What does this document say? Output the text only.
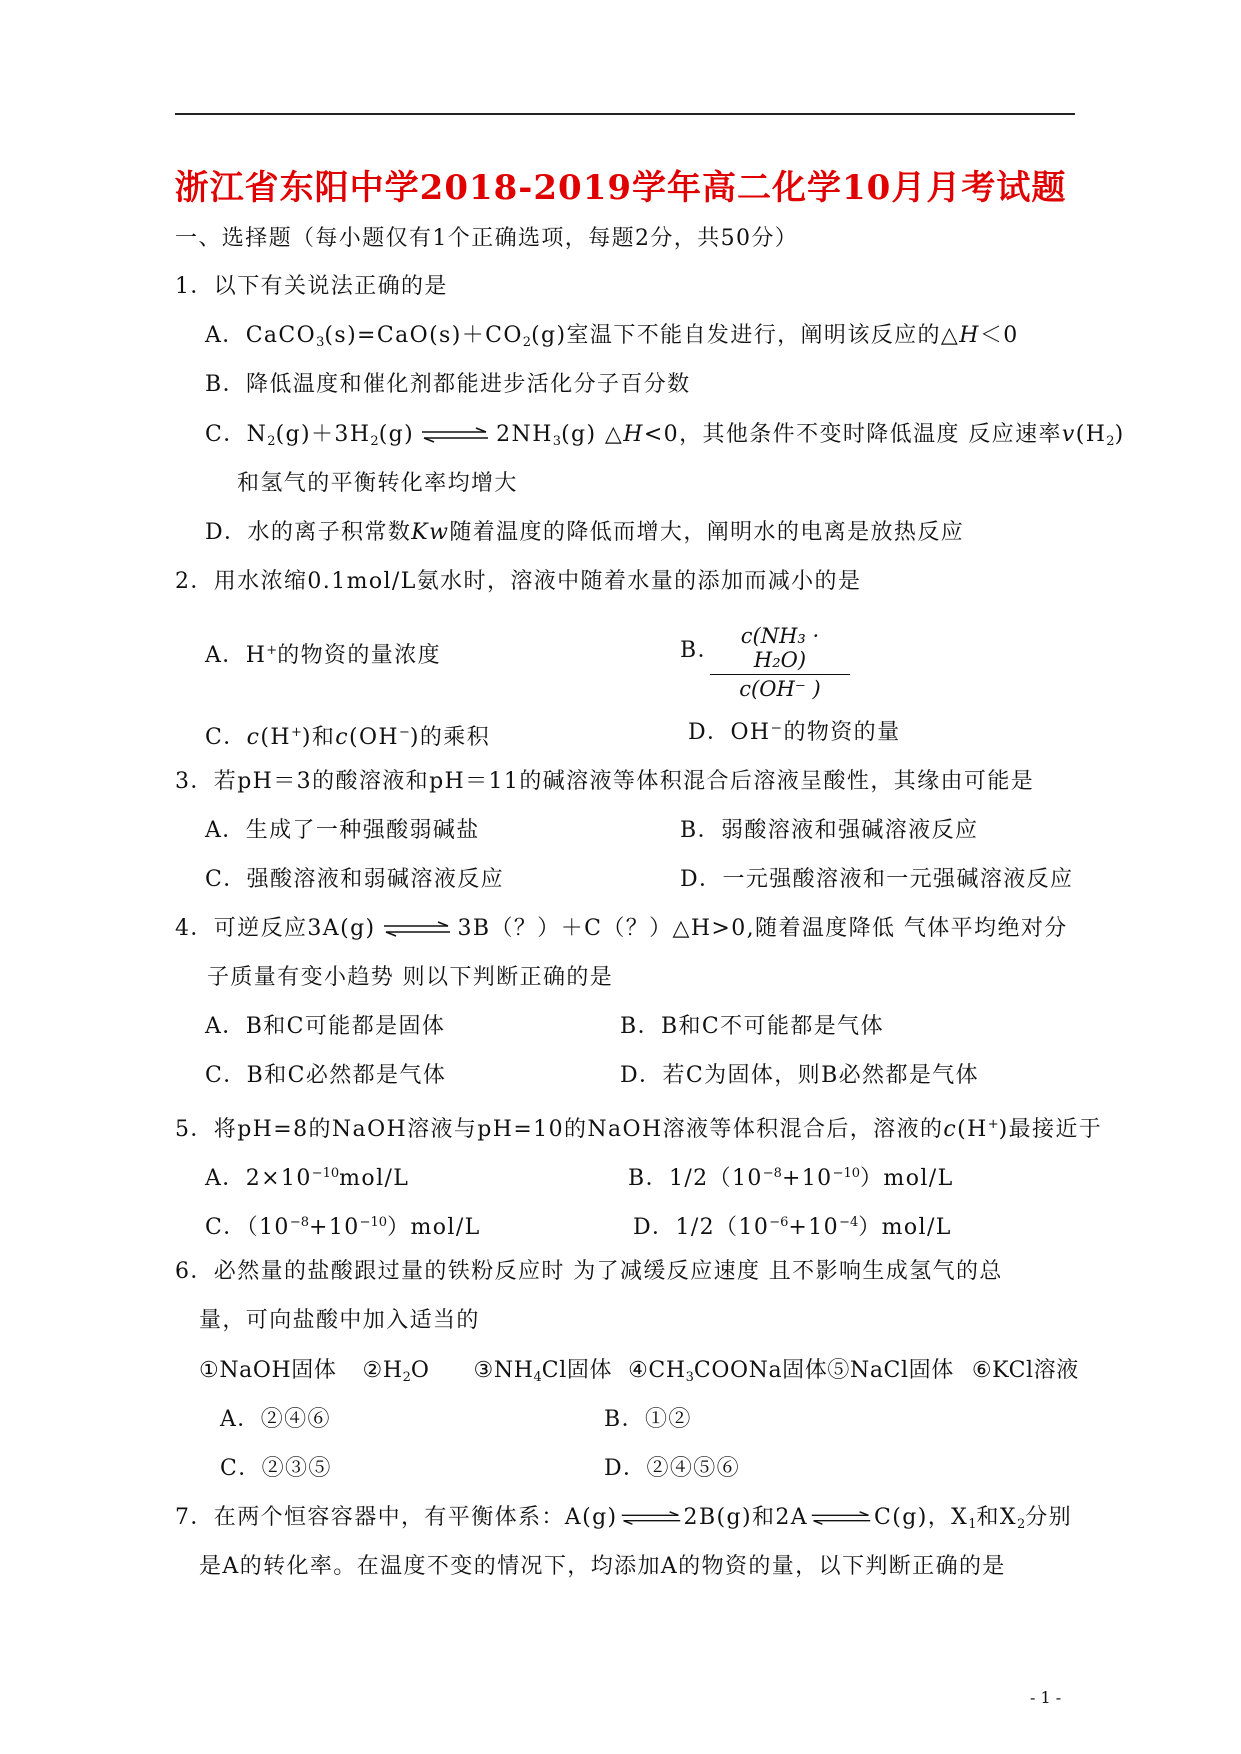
浙江省东阳中学2018-2019学年高二化学10月月考试题
一、选择题（每小题仅有1个正确选项，每题2分，共50分）
1．以下有关说法正确的是
A．$CaCO_3(s)=CaO(s)+CO_2(g)$室温下不能自发进行，阐明该反应的△H＜0
B．降低温度和催化剂都能进步活化分子百分数
C．$N_2(g)+3H_2(g)$ ⇌ $2NH_3(g)$ △H<0，其他条件不变时降低温度 反应速率$v(H_2)$
和氢气的平衡转化率均增大
D．水的离子积常数Kw随着温度的降低而增大，阐明水的电离是放热反应
2．用水浓缩0.1mol/L氨水时，溶液中随着水量的添加而减小的是
A．H+的物资的量浓度	B．
$\frac{\text{c(NH₃ · H₂O)}}{c(OH^- )}$
C．c(H+)和c(OH−)的乘积	D．OH⁻的物资的量
3．若pH＝3的酸溶液和pH＝11的碱溶液等体积混合后溶液呈酸性，其缘由可能是
A．生成了一种强酸弱碱盐	B．弱酸溶液和强碱溶液反应
C．强酸溶液和弱碱溶液反应	D．一元强酸溶液和一元强碱溶液反应
4．可逆反应3A(g) ⇌ 3B（？）＋C（？）△H>0,随着温度降低 气体平均绝对分
子质量有变小趋势 则以下判断正确的是
A．B和C可能都是固体	B．B和C不可能都是气体
C．B和C必然都是气体	D．若C为固体，则B必然都是气体
5．将pH=8的NaOH溶液与pH=10的NaOH溶液等体积混合后，溶液的c(H+)最接近于
A．$2\times 10^{-10}mol/L$	B．$1/2(10^{-8}+10^{-10})mol/L$
C．$(10^{-8}+10^{-10})mol/L$	D．$1/2(10^{-6}+10^{-4})mol/L$
6．必然量的盐酸跟过量的铁粉反应时 为了减缓反应速度 且不影响生成氢气的总
量，可向盐酸中加入适当的
①NaOH固体 $②H_2O$ $③NH_4Cl$固体 $④CH_3COONa$固体⑤NaCl固体 ⑥KCl溶液
A．②④⑥	B．①②
C．②③⑤	D．②④⑤⑥
7．在两个恒容容器中，有平衡体系：A(g) ⇌ 2B(g)和2A ⇌ C(g)，$X_1$和$X_2$分别
是A的转化率。在温度不变的情况下，均添加A的物资的量，以下判断正确的是
- 1 -
